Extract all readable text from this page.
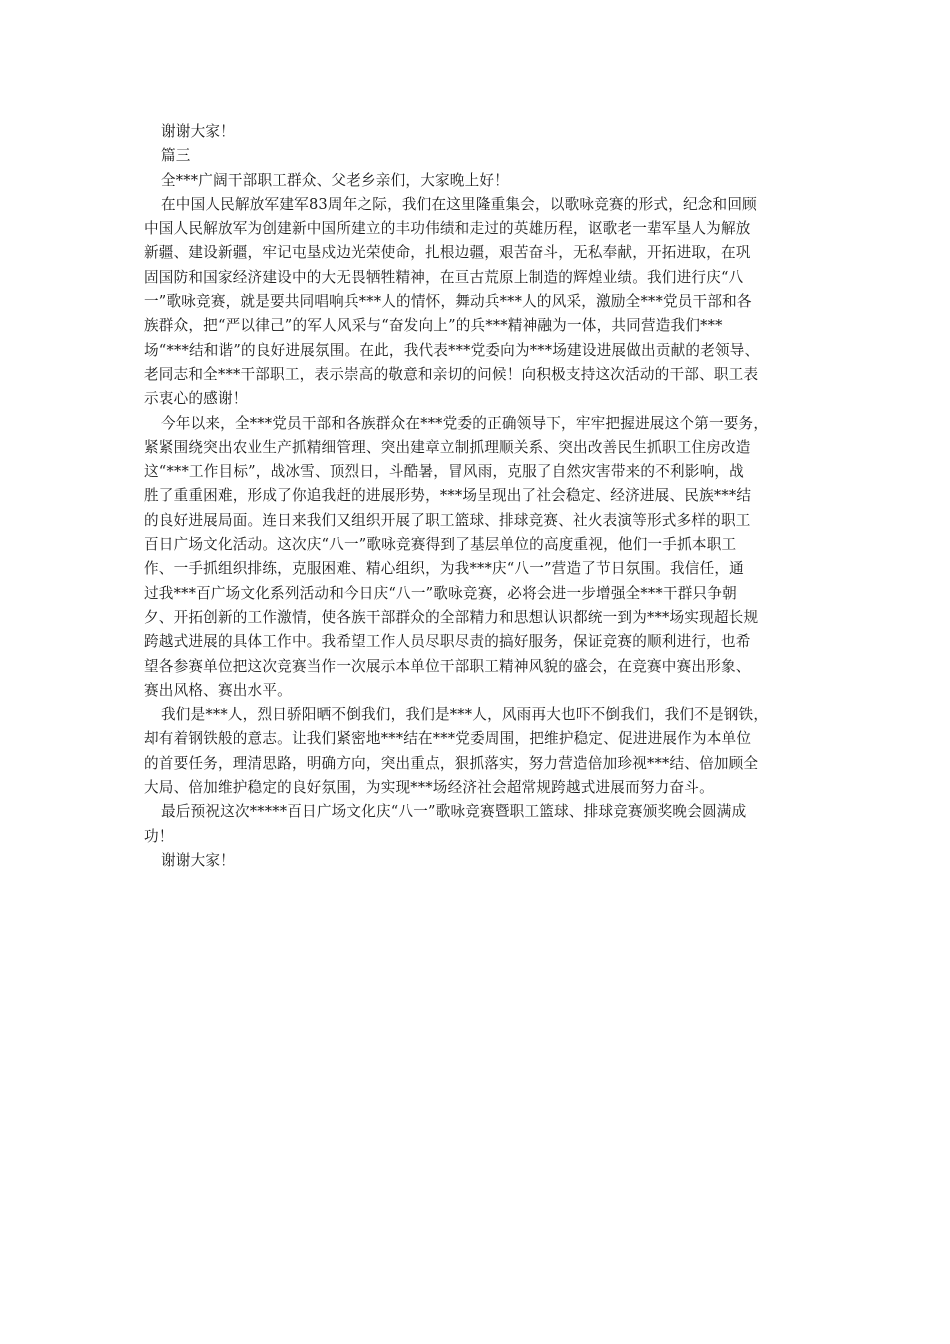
谢谢大家！

篇三

全***广阔干部职工群众、父老乡亲们，大家晚上好！

在中国人民解放军建军83周年之际，我们在这里隆重集会，以歌咏竞赛的形式，纪念和回顾

中国人民解放军为创建新中国所建立的丰功伟绩和走过的英雄历程，讴歌老一辈军垦人为解放

新疆、建设新疆，牢记屯垦戍边光荣使命，扎根边疆，艰苦奋斗，无私奉献，开拓进取，在巩

固国防和国家经济建设中的大无畏牺牲精神，在亘古荒原上制造的辉煌业绩。我们进行庆“八

一”歌咏竞赛，就是要共同唱响兵***人的情怀，舞动兵***人的风采，激励全***党员干部和各

族群众，把“严以律己”的军人风采与“奋发向上”的兵***精神融为一体，共同营造我们***

场“***结和谐”的良好进展氛围。在此，我代表***党委向为***场建设进展做出贡献的老领导、

老同志和全***干部职工，表示崇高的敬意和亲切的问候！向积极支持这次活动的干部、职工表

示衷心的感谢！

今年以来，全***党员干部和各族群众在***党委的正确领导下，牢牢把握进展这个第一要务，

紧紧围绕突出农业生产抓精细管理、突出建章立制抓理顺关系、突出改善民生抓职工住房改造

这“***工作目标”，战冰雪、顶烈日，斗酷暑，冒风雨，克服了自然灾害带来的不利影响，战

胜了重重困难，形成了你追我赶的进展形势，***场呈现出了社会稳定、经济进展、民族***结

的良好进展局面。连日来我们又组织开展了职工篮球、排球竞赛、社火表演等形式多样的职工

百日广场文化活动。这次庆“八一”歌咏竞赛得到了基层单位的高度重视，他们一手抓本职工

作、一手抓组织排练，克服困难、精心组织，为我***庆“八一”营造了节日氛围。我信任，通

过我***百广场文化系列活动和今日庆“八一”歌咏竞赛，必将会进一步增强全***干群只争朝

夕、开拓创新的工作激情，使各族干部群众的全部精力和思想认识都统一到为***场实现超长规

跨越式进展的具体工作中。我希望工作人员尽职尽责的搞好服务，保证竞赛的顺利进行，也希

望各参赛单位把这次竞赛当作一次展示本单位干部职工精神风貌的盛会，在竞赛中赛出形象、

赛出风格、赛出水平。

我们是***人，烈日骄阳晒不倒我们，我们是***人，风雨再大也吓不倒我们，我们不是钢铁，

却有着钢铁般的意志。让我们紧密地***结在***党委周围，把维护稳定、促进进展作为本单位

的首要任务，理清思路，明确方向，突出重点，狠抓落实，努力营造倍加珍视***结、倍加顾全

大局、倍加维护稳定的良好氛围，为实现***场经济社会超常规跨越式进展而努力奋斗。

最后预祝这次*****百日广场文化庆“八一”歌咏竞赛暨职工篮球、排球竞赛颁奖晚会圆满成

功！

谢谢大家！
